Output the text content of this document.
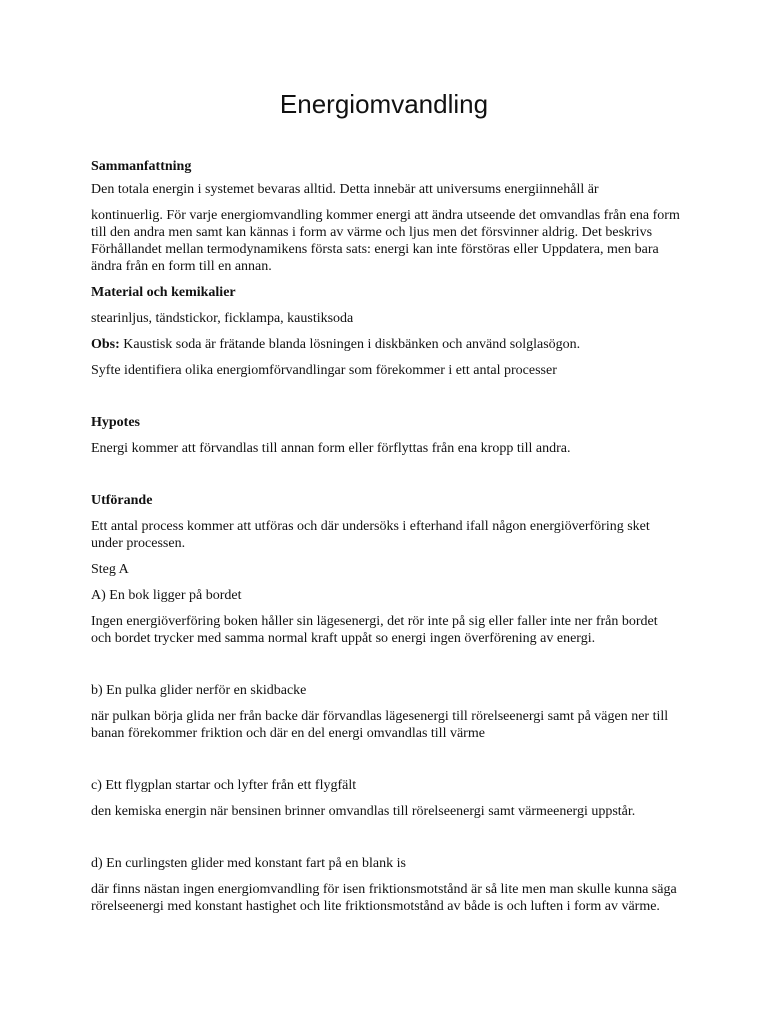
Energiomvandling

Sammanfattning

Den totala energin i systemet bevaras alltid. Detta innebär att universums energiinnehåll är

kontinuerlig. För varje energiomvandling kommer energi att ändra utseende det omvandlas från ena form till den andra men samt kan kännas i form av värme och ljus men det försvinner aldrig. Det beskrivs Förhållandet mellan termodynamikens första sats: energi kan inte förstöras eller Uppdatera, men bara ändra från en form till en annan.

Material och kemikalier

stearinljus, tändstickor, ficklampa, kaustiksoda

Obs: Kaustisk soda är frätande blanda lösningen i diskbänken och använd solglasögon.

Syfte identifiera olika energiomförvandlingar som förekommer i ett antal processer

Hypotes

Energi kommer att förvandlas till annan form eller förflyttas från ena kropp till andra.

Utförande

Ett antal process kommer att utföras och där undersöks i efterhand ifall någon energiöverföring sket under processen.

Steg A

A) En bok ligger på bordet

Ingen energiöverföring boken håller sin lägesenergi, det rör inte på sig eller faller inte ner från bordet och bordet trycker med samma normal kraft uppåt so energi ingen överförening av energi.

b) En pulka glider nerför en skidbacke

när pulkan börja glida ner från backe där förvandlas lägesenergi till rörelseenergi samt på vägen ner till banan förekommer friktion och där en del energi omvandlas till värme

c) Ett flygplan startar och lyfter från ett flygfält

den kemiska energin när bensinen brinner omvandlas till rörelseenergi samt värmeenergi uppstår.

d) En curlingsten glider med konstant fart på en blank is

där finns nästan ingen energiomvandling för isen friktionsmotstånd är så lite men man skulle kunna säga rörelseenergi med konstant hastighet och lite friktionsmotstånd av både is och luften i form av värme.
